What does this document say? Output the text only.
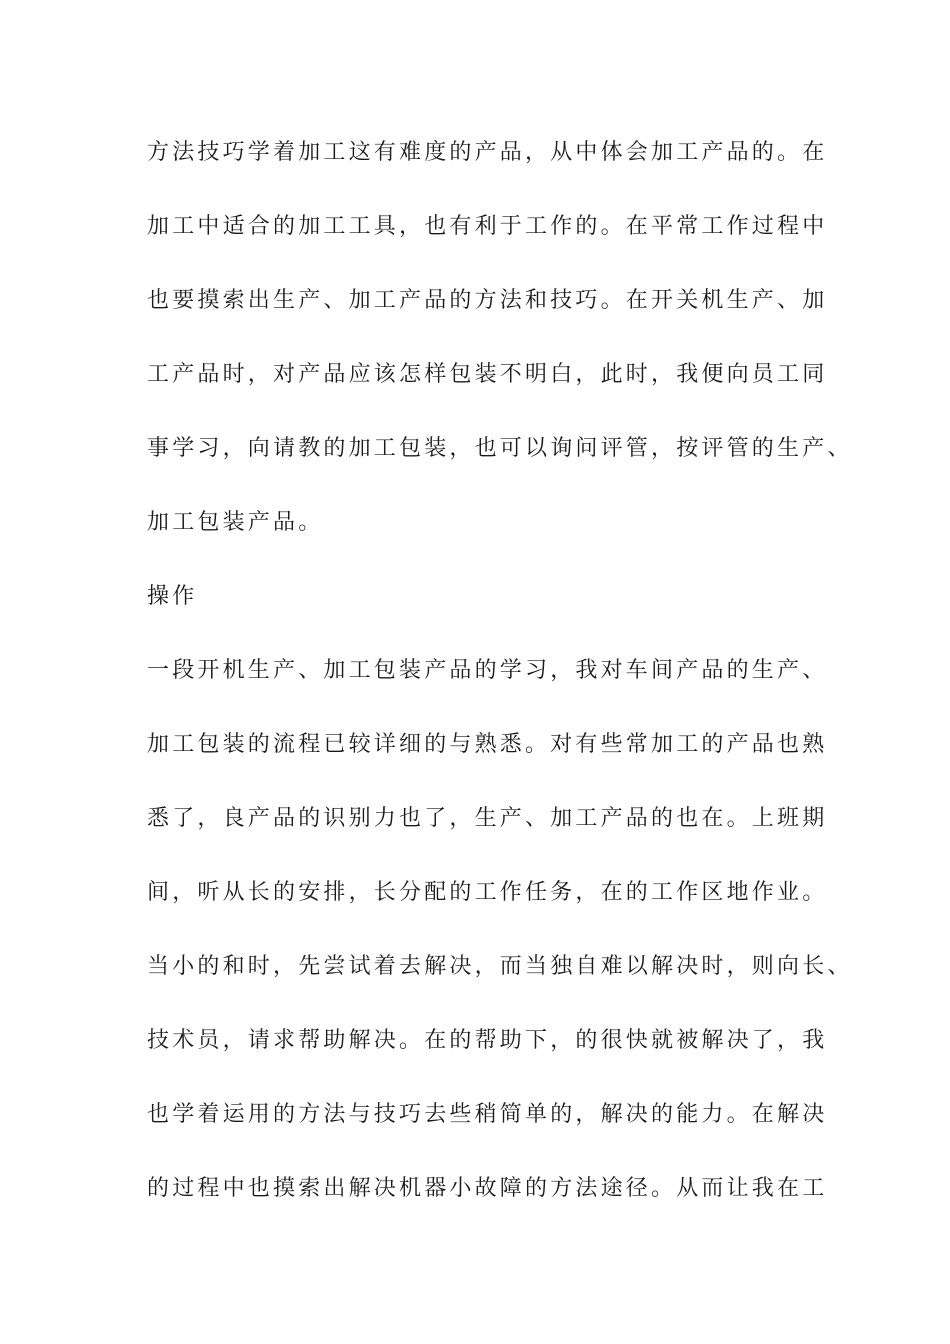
方法技巧学着加工这有难度的产品，从中体会加工产品的。在
加工中适合的加工工具，也有利于工作的。在平常工作过程中
也要摸索出生产、加工产品的方法和技巧。在开关机生产、加
工产品时，对产品应该怎样包装不明白，此时，我便向员工同
事学习，向请教的加工包装，也可以询问评管，按评管的生产、
加工包装产品。
操作
一段开机生产、加工包装产品的学习，我对车间产品的生产、
加工包装的流程已较详细的与熟悉。对有些常加工的产品也熟
悉了，良产品的识别力也了，生产、加工产品的也在。上班期
间，听从长的安排，长分配的工作任务，在的工作区地作业。
当小的和时，先尝试着去解决，而当独自难以解决时，则向长、
技术员，请求帮助解决。在的帮助下，的很快就被解决了，我
也学着运用的方法与技巧去些稍简单的，解决的能力。在解决
的过程中也摸索出解决机器小故障的方法途径。从而让我在工
